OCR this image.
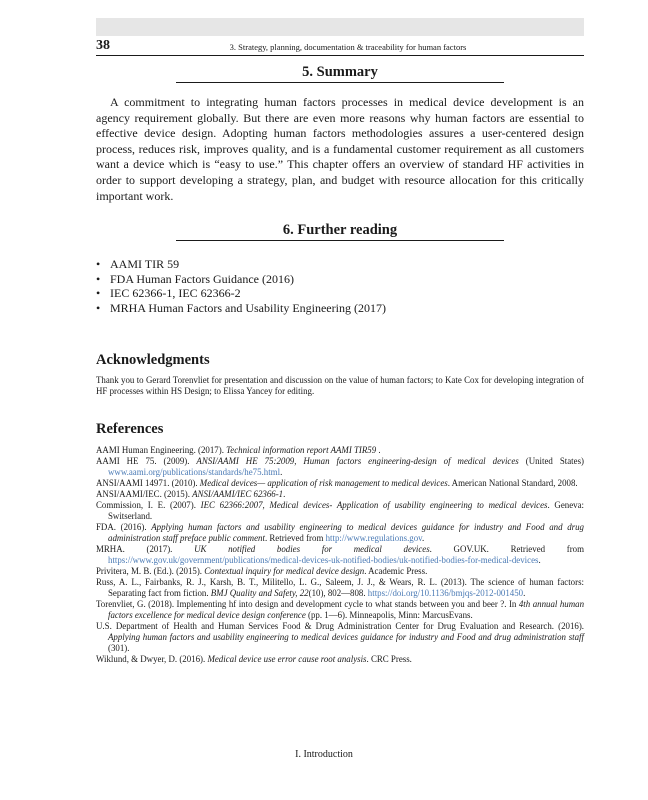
38	3. Strategy, planning, documentation & traceability for human factors
5. Summary

A commitment to integrating human factors processes in medical device development is an agency requirement globally. But there are even more reasons why human factors are essential to effective device design. Adopting human factors methodologies assures a user-centered design process, reduces risk, improves quality, and is a fundamental customer requirement as all customers want a device which is “easy to use.” This chapter offers an overview of standard HF activities in order to support developing a strategy, plan, and budget with resource allocation for this critically important work.

6. Further reading
• AAMI TIR 59
• FDA Human Factors Guidance (2016)
• IEC 62366-1, IEC 62366-2
• MRHA Human Factors and Usability Engineering (2017)
Acknowledgments

Thank you to Gerard Torenvliet for presentation and discussion on the value of human factors; to Kate Cox for developing integration of HF processes within HS Design; to Elissa Yancey for editing.

References
AAMI Human Engineering. (2017). Technical information report AAMI TIR59 .
AAMI HE 75. (2009). ANSI/AAMI HE 75:2009, Human factors engineering-design of medical devices (United States) www.aami.org/publications/standards/he75.html.
ANSI/AAMI 14971. (2010). Medical devices— application of risk management to medical devices. American National Standard, 2008.
ANSI/AAMI/IEC. (2015). ANSI/AAMI/IEC 62366-1.
Commission, I. E. (2007). IEC 62366:2007, Medical devices- Application of usability engineering to medical devices. Geneva: Switserland.
FDA. (2016). Applying human factors and usability engineering to medical devices guidance for industry and Food and drug administration staff preface public comment. Retrieved from http://www.regulations.gov.
MRHA. (2017). UK notified bodies for medical devices. GOV.UK. Retrieved from https://www.gov.uk/government/publications/medical-devices-uk-notified-bodies/uk-notified-bodies-for-medical-devices.
Privitera, M. B. (Ed.). (2015). Contextual inquiry for medical device design. Academic Press.
Russ, A. L., Fairbanks, R. J., Karsh, B. T., Militello, L. G., Saleem, J. J., & Wears, R. L. (2013). The science of human factors: Separating fact from fiction. BMJ Quality and Safety, 22(10), 802—808. https://doi.org/10.1136/bmjqs-2012-001450.
Torenvliet, G. (2018). Implementing hf into design and development cycle to what stands between you and beer ?. In 4th annual human factors excellence for medical device design conference (pp. 1—6). Minneapolis, Minn: MarcusEvans.
U.S. Department of Health and Human Services Food & Drug Administration Center for Drug Evaluation and Research. (2016). Applying human factors and usability engineering to medical devices guidance for industry and Food and drug administration staff (301).
Wiklund, & Dwyer, D. (2016). Medical device use error cause root analysis. CRC Press.
I. Introduction
